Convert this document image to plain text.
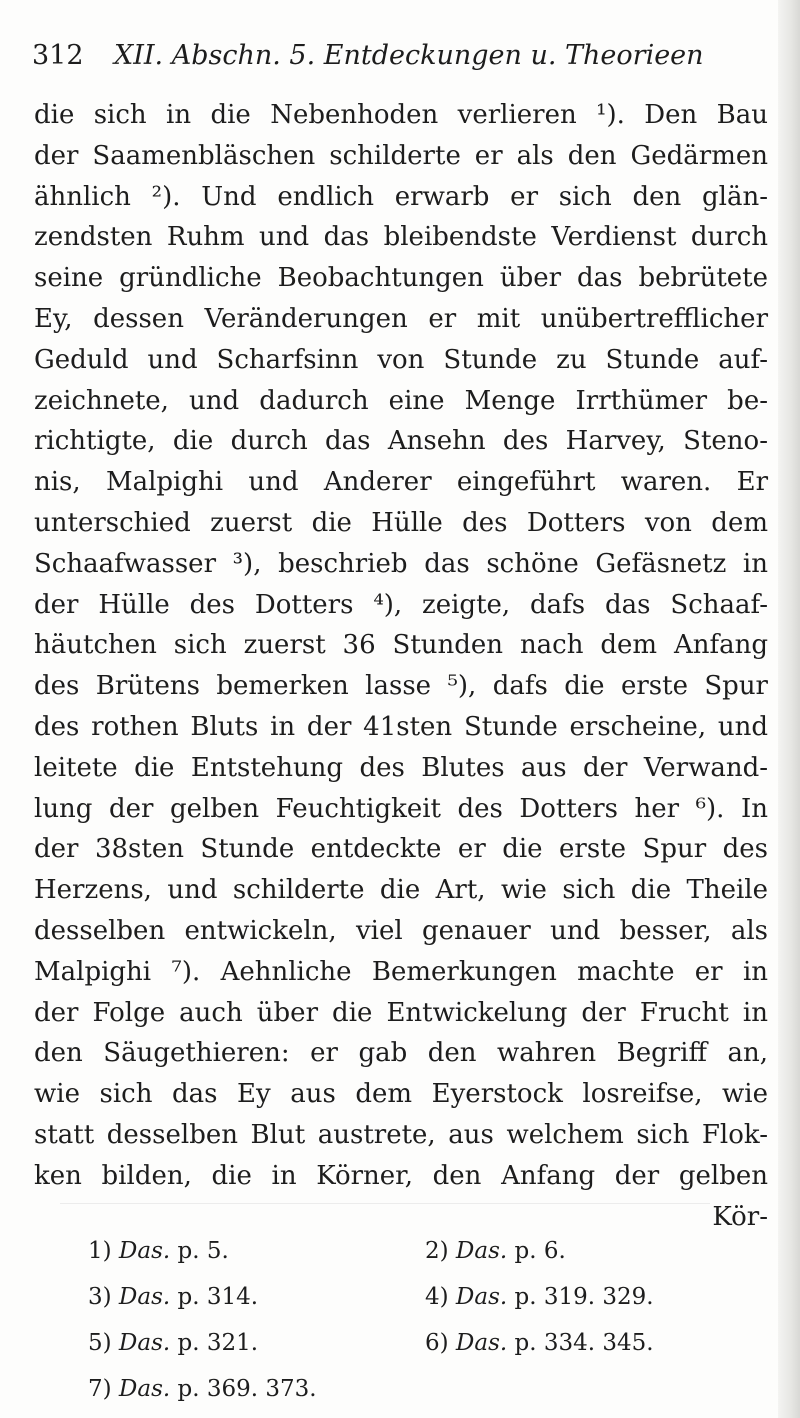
312 XII. Abschn. 5. Entdeckungen u. Theorieen
die sich in die Nebenhoden verlieren ¹). Den Bau
der Saamenbläschen schilderte er als den Gedärmen
ähnlich ²). Und endlich erwarb er sich den glän-
zendsten Ruhm und das bleibendste Verdienst durch
seine gründliche Beobachtungen über das bebrütete
Ey, dessen Veränderungen er mit unübertrefflicher
Geduld und Scharfsinn von Stunde zu Stunde auf-
zeichnete, und dadurch eine Menge Irrthümer be-
richtigte, die durch das Ansehn des Harvey, Steno-
nis, Malpighi und Anderer eingeführt waren. Er
unterschied zuerst die Hülle des Dotters von dem
Schaafwasser ³), beschrieb das schöne Gefäsnetz in
der Hülle des Dotters ⁴), zeigte, dafs das Schaaf-
häutchen sich zuerst 36 Stunden nach dem Anfang
des Brütens bemerken lasse ⁵), dafs die erste Spur
des rothen Bluts in der 41sten Stunde erscheine, und
leitete die Entstehung des Blutes aus der Verwand-
lung der gelben Feuchtigkeit des Dotters her ⁶). In
der 38sten Stunde entdeckte er die erste Spur des
Herzens, und schilderte die Art, wie sich die Theile
desselben entwickeln, viel genauer und besser, als
Malpighi ⁷). Aehnliche Bemerkungen machte er in
der Folge auch über die Entwickelung der Frucht in
den Säugethieren: er gab den wahren Begriff an,
wie sich das Ey aus dem Eyerstock losreifse, wie
statt desselben Blut austrete, aus welchem sich Flok-
ken bilden, die in Körner, den Anfang der gelben
Kör-
1) Das. p. 5.	2) Das. p. 6.
3) Das. p. 314.	4) Das. p. 319. 329.
5) Das. p. 321.	6) Das. p. 334. 345.
7) Das. p. 369. 373.
